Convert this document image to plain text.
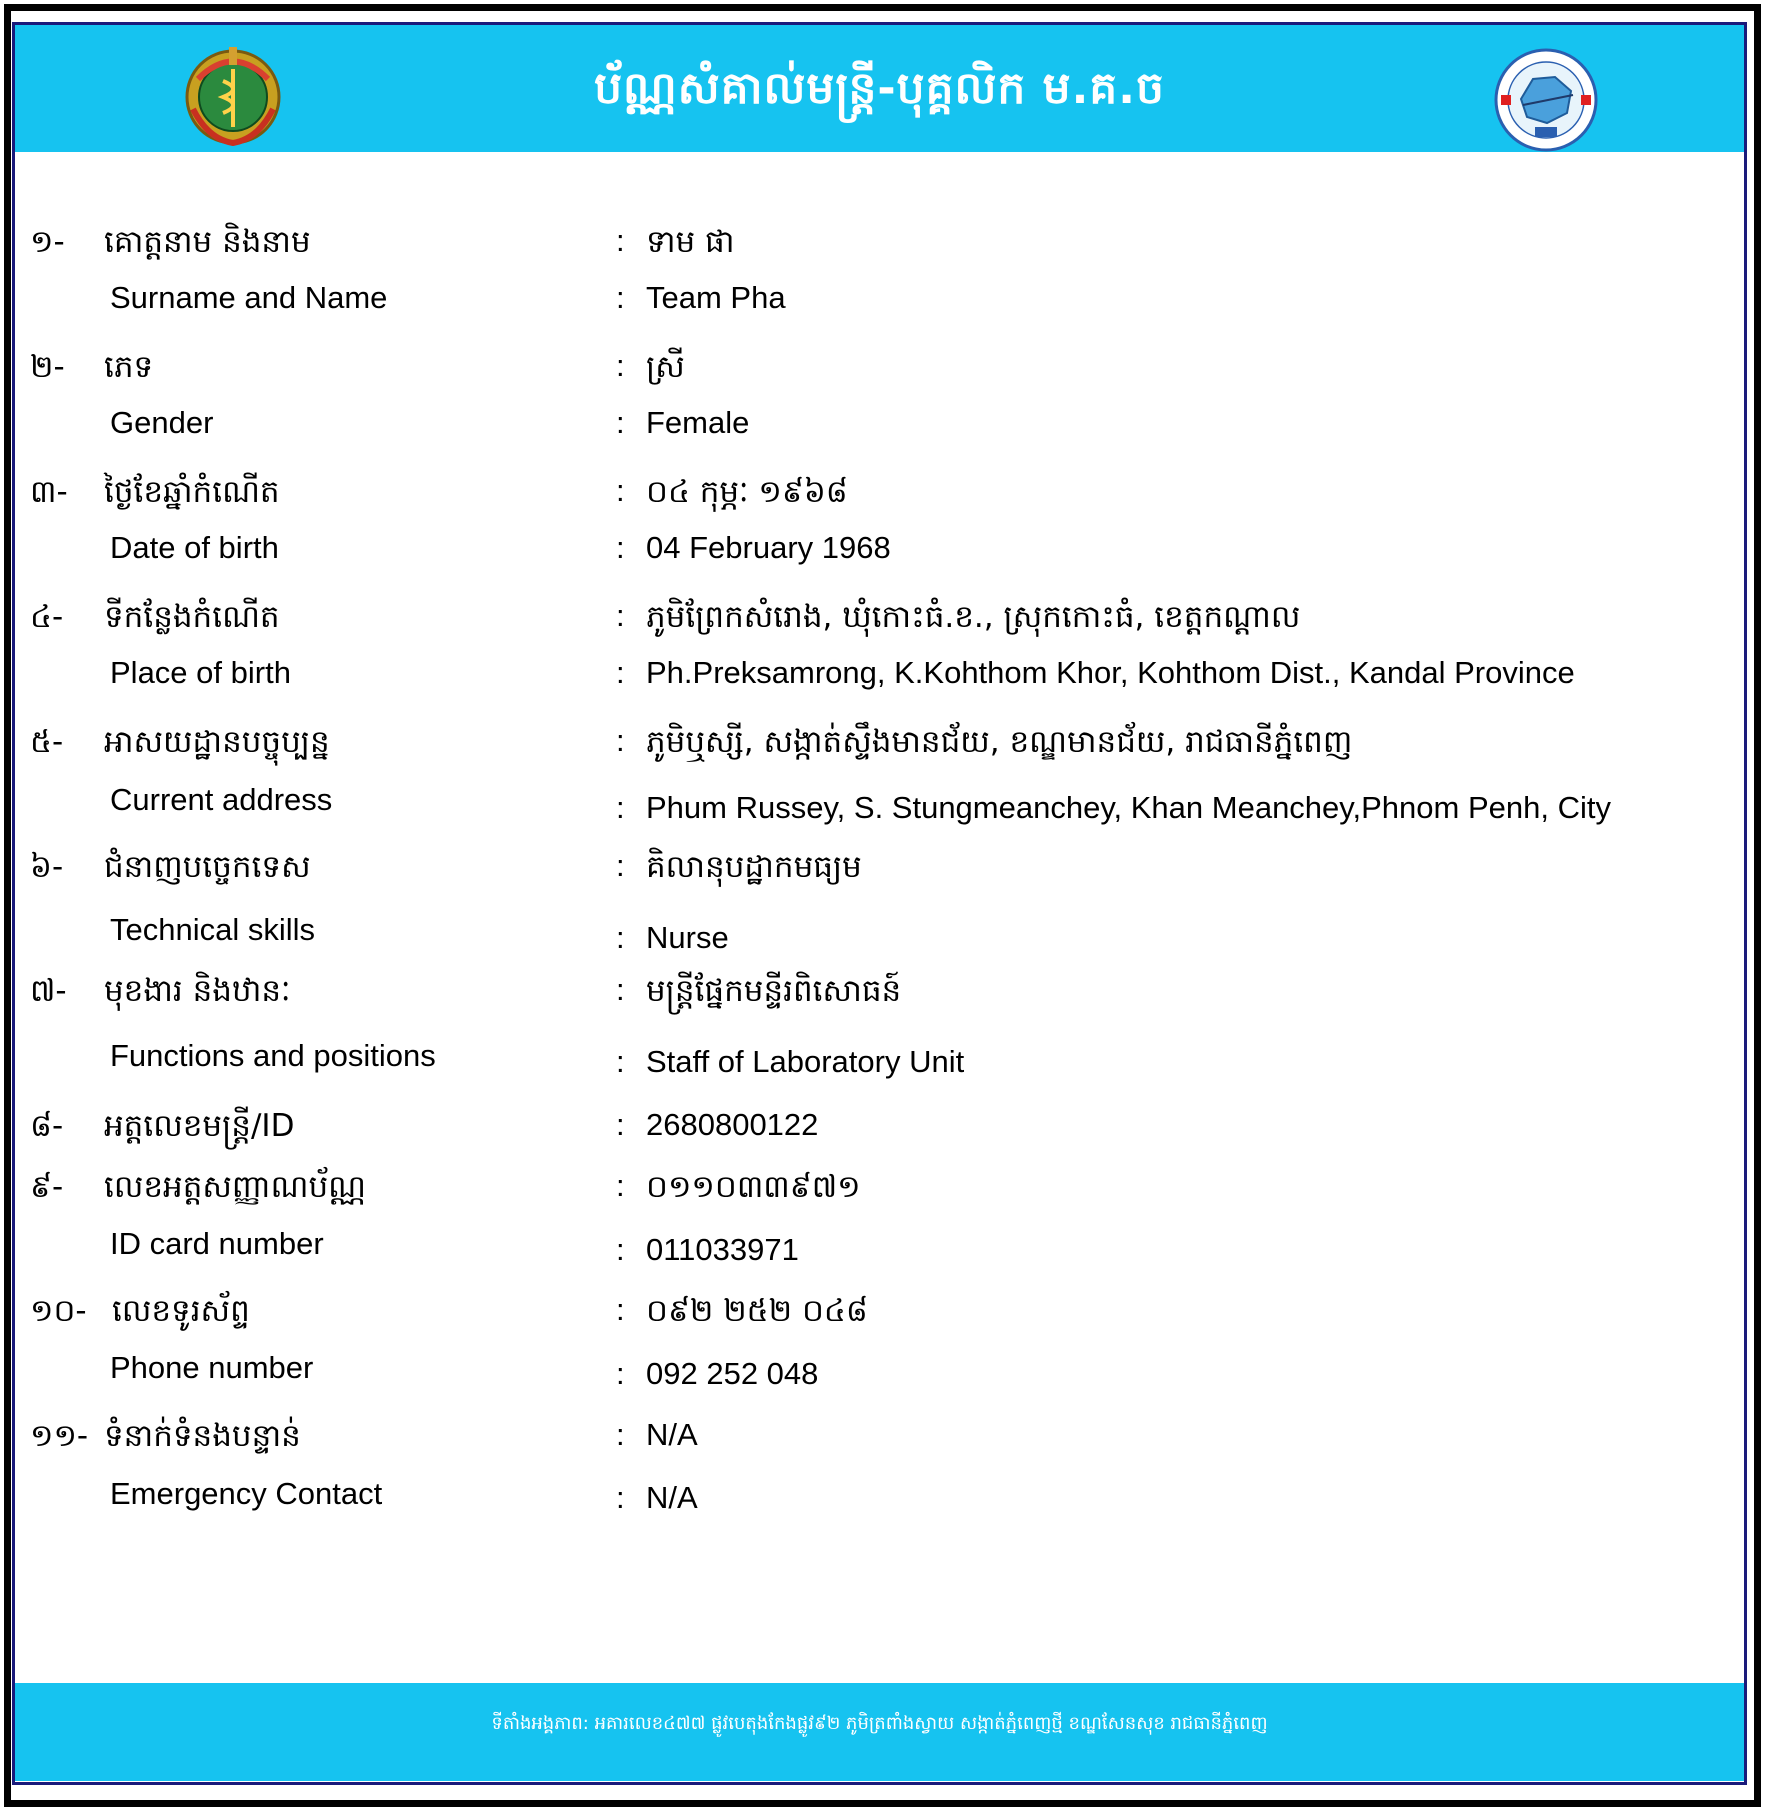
ប័ណ្ណសំគាល់មន្ត្រី-បុគ្គលិក ម.គ.ច
១- គោត្តនាម និងនាម	: ទាម ផា
Surname and Name	: Team Pha
២- ភេទ	: ស្រី
Gender	: Female
៣- ថ្ងៃខែឆ្នាំកំណើត	: ០៤ កុម្ភៈ ១៩៦៨
Date of birth	: 04 February 1968
៤- ទីកន្លែងកំណើត	: ភូមិព្រែកសំរោង, ឃុំកោះធំ.ខ., ស្រុកកោះធំ, ខេត្តកណ្តាល
Place of birth	: Ph.Preksamrong, K.Kohthom Khor, Kohthom Dist., Kandal Province
៥- អាសយដ្ឋានបច្ចុប្បន្ន	: ភូមិឬស្សី, សង្កាត់ស្ទឹងមានជ័យ, ខណ្ឌមានជ័យ, រាជធានីភ្នំពេញ
Current address	: Phum Russey, S. Stungmeanchey, Khan Meanchey,Phnom Penh, City
៦- ជំនាញបច្ចេកទេស	: គិលានុបដ្ឋាកមធ្យម
Technical skills	: Nurse
៧- មុខងារ និងឋានៈ	: មន្ត្រីផ្នែកមន្ទីរពិសោធន៍
Functions and positions	: Staff of Laboratory Unit
៨- អត្តលេខមន្ត្រី/ID	: 2680800122
៩- លេខអត្តសញ្ញាណប័ណ្ណ	: ០១១០៣៣៩៧១
ID card number	: 011033971
១០- លេខទូរស័ព្ទ	: ០៩២ ២៥២ ០៤៨
Phone number	: 092 252 048
១១- ទំនាក់ទំនងបន្ទាន់	: N/A
Emergency Contact	: N/A
ទីតាំងអង្គភាព: អគារលេខ៤៧៧ ផ្លូវបេតុងកែងផ្លូវ៩២ ភូមិត្រពាំងស្វាយ សង្កាត់ភ្នំពេញថ្មី ខណ្ឌសែនសុខ រាជធានីភ្នំពេញ
